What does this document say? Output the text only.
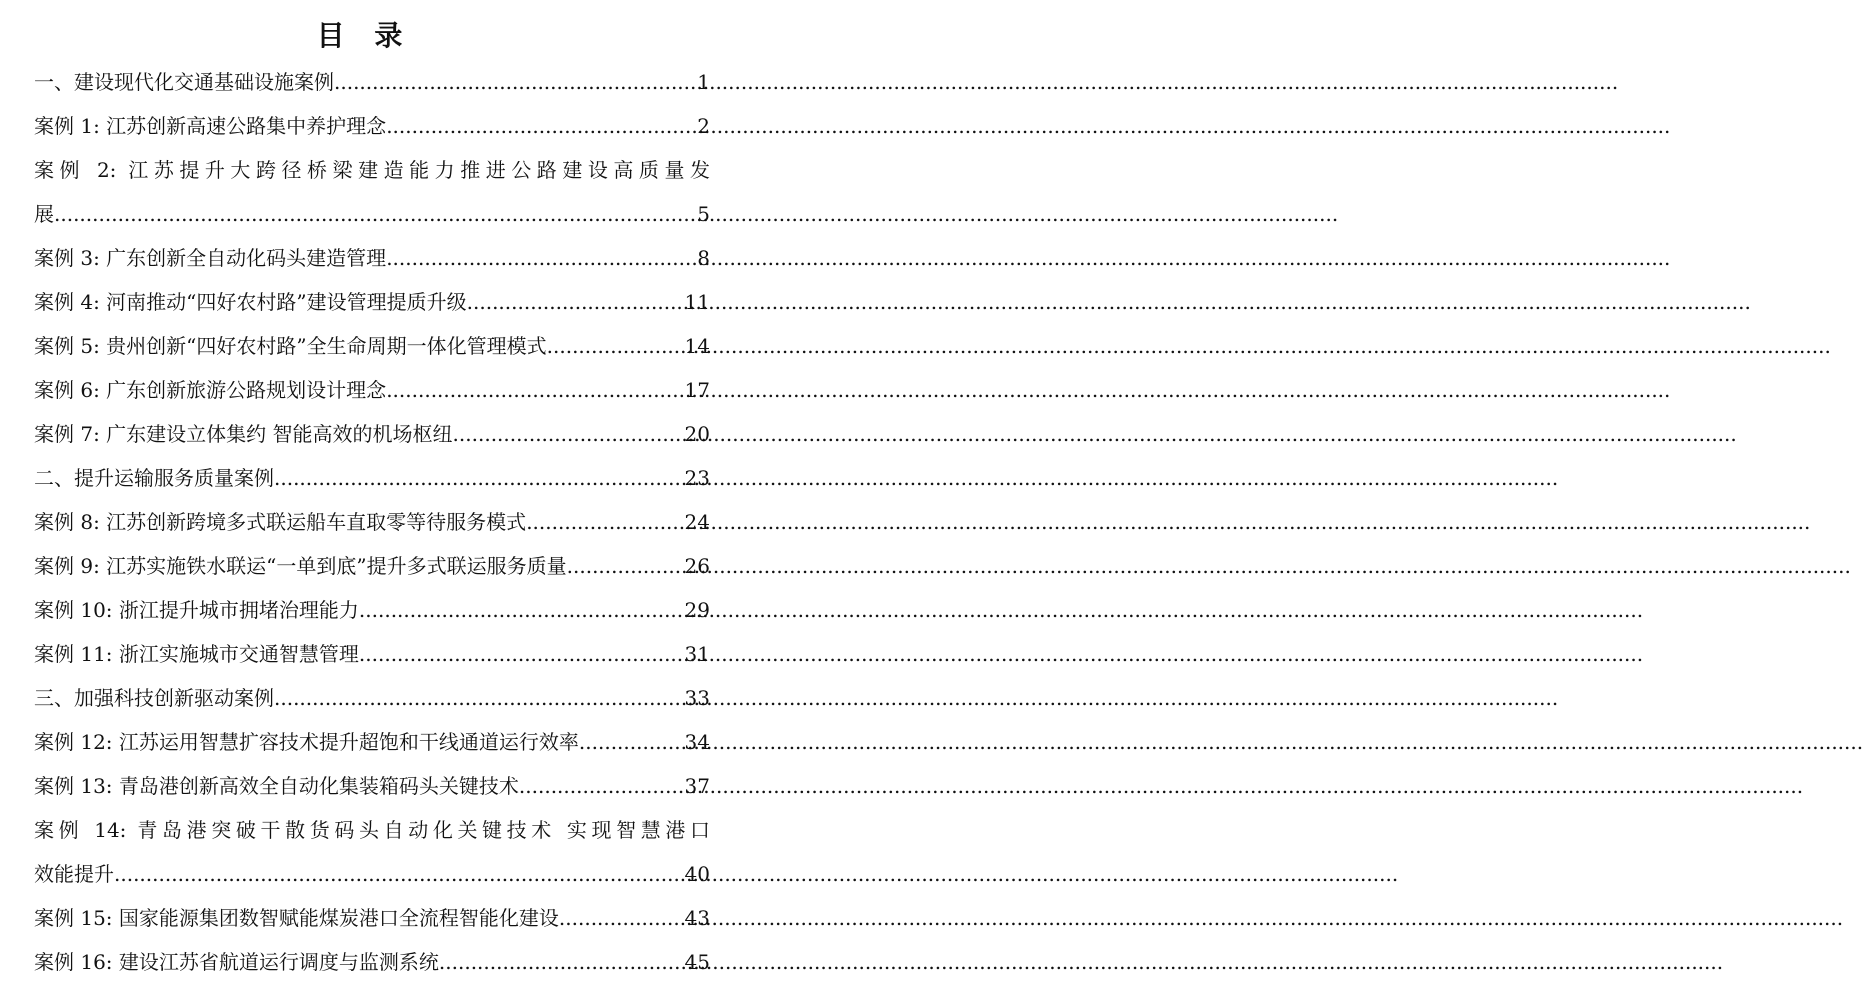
目 录
一、建设现代化交通基础设施案例 .....	1
案例 1: 江苏创新高速公路集中养护理念 .....	2
案例 2: 江苏提升大跨径桥梁建造能力推进公路建设高质量发
展 .....	5
案例 3: 广东创新全自动化码头建造管理 .....	8
案例 4: 河南推动“四好农村路”建设管理提质升级 .....	11
案例 5: 贵州创新“四好农村路”全生命周期一体化管理模式 .....	14
案例 6: 广东创新旅游公路规划设计理念 .....	17
案例 7: 广东建设立体集约 智能高效的机场枢纽 .....	20
二、提升运输服务质量案例 .....	23
案例 8: 江苏创新跨境多式联运船车直取零等待服务模式 .....	24
案例 9: 江苏实施铁水联运“一单到底”提升多式联运服务质量 .....	26
案例 10: 浙江提升城市拥堵治理能力 .....	29
案例 11: 浙江实施城市交通智慧管理 .....	31
三、加强科技创新驱动案例 .....	33
案例 12: 江苏运用智慧扩容技术提升超饱和干线通道运行效率 .....	34
案例 13: 青岛港创新高效全自动化集装箱码头关键技术 .....	37
案例 14: 青岛港突破干散货码头自动化关键技术 实现智慧港口
效能提升 .....	40
案例 15: 国家能源集团数智赋能煤炭港口全流程智能化建设 .....	43
案例 16: 建设江苏省航道运行调度与监测系统 .....	45
